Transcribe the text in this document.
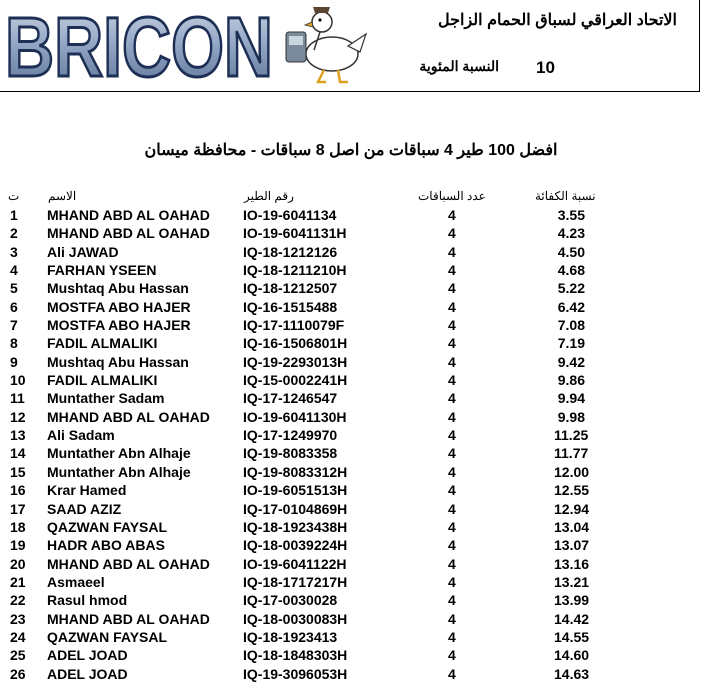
BRICON	الاتحاد العراقي لسباق الحمام الزاجل
النسبة المئوية 10
افضل 100 طير 4 سباقات من اصل 8 سباقات - محافظة ميسان
ت الاسم	رقم الطير	عدد السباقات	نسبة الكفائة
1 MHAND ABD AL OAHAD IO-19-6041134	4	3.55
2 MHAND ABD AL OAHAD IO-19-6041131H	4	4.23
3 Ali JAWAD	IQ-18-1212126	4	4.50
4 FARHAN YSEEN	IQ-18-1211210H	4	4.68
5 Mushtaq Abu Hassan	IQ-18-1212507	4	5.22
6 MOSTFA ABO HAJER	IQ-16-1515488	4	6.42
7 MOSTFA ABO HAJER	IQ-17-1110079F	4	7.08
8 FADIL ALMALIKI	IQ-16-1506801H	4	7.19
9 Mushtaq Abu Hassan	IQ-19-2293013H	4	9.42
10 FADIL ALMALIKI	IQ-15-0002241H	4	9.86
11 Muntather Sadam	IQ-17-1246547	4	9.94
12 MHAND ABD AL OAHAD IO-19-6041130H	4	9.98
13 Ali Sadam	IQ-17-1249970	4	11.25
14 Muntather Abn Alhaje	IQ-19-8083358	4	11.77
15 Muntather Abn Alhaje	IQ-19-8083312H	4	12.00
16 Krar Hamed	IO-19-6051513H	4	12.55
17 SAAD AZIZ	IQ-17-0104869H	4	12.94
18 QAZWAN FAYSAL	IQ-18-1923438H	4	13.04
19 HADR ABO ABAS	IQ-18-0039224H	4	13.07
20 MHAND ABD AL OAHAD IO-19-6041122H	4	13.16
21 Asmaeel	IQ-18-1717217H	4	13.21
22 Rasul hmod	IQ-17-0030028	4	13.99
23 MHAND ABD AL OAHAD IQ-18-0030083H	4	14.42
24 QAZWAN FAYSAL	IQ-18-1923413	4	14.55
25 ADEL JOAD	IQ-18-1848303H	4	14.60
26 ADEL JOAD	IQ-19-3096053H	4	14.63
